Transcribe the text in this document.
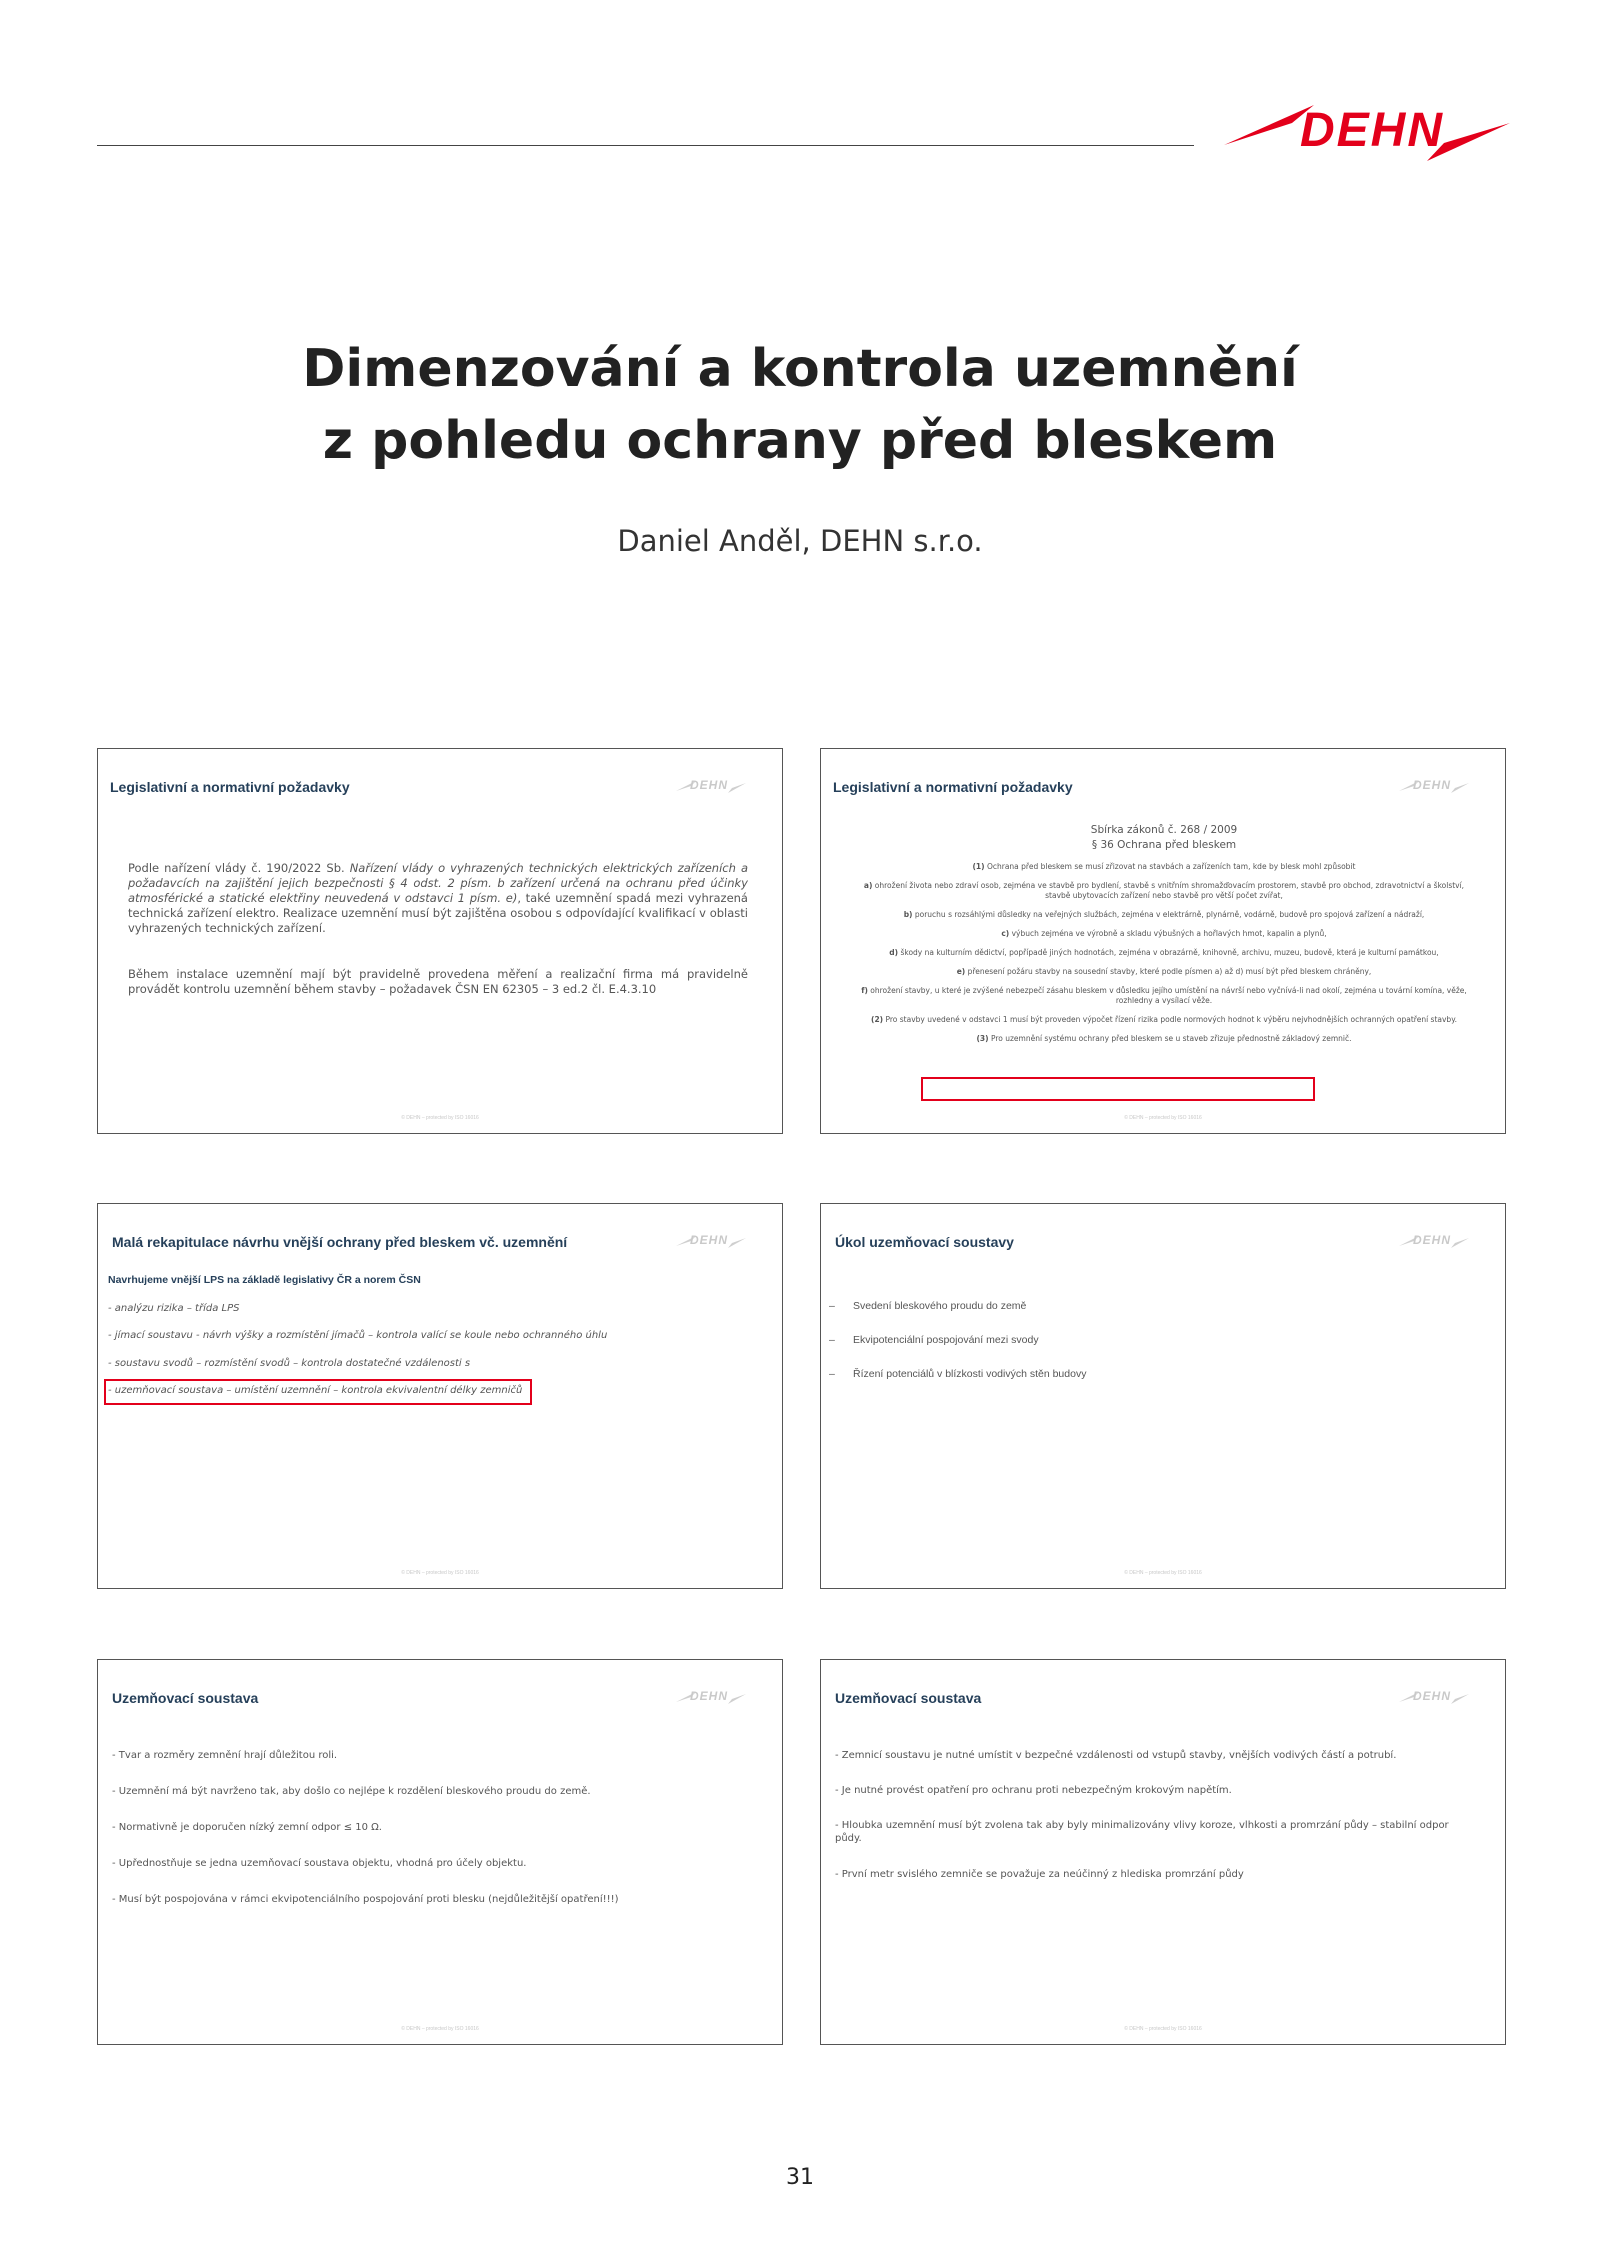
DEHN
Dimenzování a kontrola uzemnění
z pohledu ochrany před bleskem
Daniel Anděl, DEHN s.r.o.
Legislativní a normativní požadavky	DEHN
Podle nařízení vlády č. 190/2022 Sb. Nařízení vlády o vyhrazených technických elektrických zařízeních a požadavcích na zajištění jejich bezpečnosti § 4 odst. 2 písm. b zařízení určená na ochranu před účinky atmosférické a statické elektřiny neuvedená v odstavci 1 písm. e), také uzemnění spadá mezi vyhrazená technická zařízení elektro. Realizace uzemnění musí být zajištěna osobou s odpovídající kvalifikací v oblasti vyhrazených technických zařízení.
Během instalace uzemnění mají být pravidelně provedena měření a realizační firma má pravidelně provádět kontrolu uzemnění během stavby – požadavek ČSN EN 62305 – 3 ed.2 čl. E.4.3.10
© DEHN – protected by ISO 16016
Legislativní a normativní požadavky	DEHN
Sbírka zákonů č. 268 / 2009
§ 36 Ochrana před bleskem
(1) Ochrana před bleskem se musí zřizovat na stavbách a zařízeních tam, kde by blesk mohl způsobit
a) ohrožení života nebo zdraví osob, zejména ve stavbě pro bydlení, stavbě s vnitřním shromažďovacím prostorem, stavbě pro obchod, zdravotnictví a školství, stavbě ubytovacích zařízení nebo stavbě pro větší počet zvířat,
b) poruchu s rozsáhlými důsledky na veřejných službách, zejména v elektrárně, plynárně, vodárně, budově pro spojová zařízení a nádraží,
c) výbuch zejména ve výrobně a skladu výbušných a hořlavých hmot, kapalin a plynů,
d) škody na kulturním dědictví, popřípadě jiných hodnotách, zejména v obrazárně, knihovně, archivu, muzeu, budově, která je kulturní památkou,
e) přenesení požáru stavby na sousední stavby, které podle písmen a) až d) musí být před bleskem chráněny,
f) ohrožení stavby, u které je zvýšené nebezpečí zásahu bleskem v důsledku jejího umístění na návrší nebo vyčnívá-li nad okolí, zejména u tovární komína, věže, rozhledny a vysílací věže.
(2) Pro stavby uvedené v odstavci 1 musí být proveden výpočet řízení rizika podle normových hodnot k výběru nejvhodnějších ochranných opatření stavby.
(3) Pro uzemnění systému ochrany před bleskem se u staveb zřizuje přednostně základový zemnič.
© DEHN – protected by ISO 16016
Malá rekapitulace návrhu vnější ochrany před bleskem vč. uzemnění	DEHN
Navrhujeme vnější LPS na základě legislativy ČR a norem ČSN
- analýzu rizika – třída LPS
- jímací soustavu - návrh výšky a rozmístění jímačů – kontrola valící se koule nebo ochranného úhlu
- soustavu svodů – rozmístění svodů – kontrola dostatečné vzdálenosti s
- uzemňovací soustava – umístění uzemnění – kontrola ekvivalentní délky zemničů
© DEHN – protected by ISO 16016
Úkol uzemňovací soustavy	DEHN
– Svedení bleskového proudu do země
– Ekvipotenciální pospojování mezi svody
– Řízení potenciálů v blízkosti vodivých stěn budovy
© DEHN – protected by ISO 16016
Uzemňovací soustava	DEHN
- Tvar a rozměry zemnění hrají důležitou roli.
- Uzemnění má být navrženo tak, aby došlo co nejlépe k rozdělení bleskového proudu do země.
- Normativně je doporučen nízký zemní odpor ≤ 10 Ω.
- Upřednostňuje se jedna uzemňovací soustava objektu, vhodná pro účely objektu.
- Musí být pospojována v rámci ekvipotenciálního pospojování proti blesku (nejdůležitější opatření!!!)
© DEHN – protected by ISO 16016
Uzemňovací soustava	DEHN
- Zemnicí soustavu je nutné umístit v bezpečné vzdálenosti od vstupů stavby, vnějších vodivých částí a potrubí.
- Je nutné provést opatření pro ochranu proti nebezpečným krokovým napětím.
- Hloubka uzemnění musí být zvolena tak aby byly minimalizovány vlivy koroze, vlhkosti a promrzání půdy – stabilní odpor půdy.
- První metr svislého zemniče se považuje za neúčinný z hlediska promrzání půdy
© DEHN – protected by ISO 16016
31
